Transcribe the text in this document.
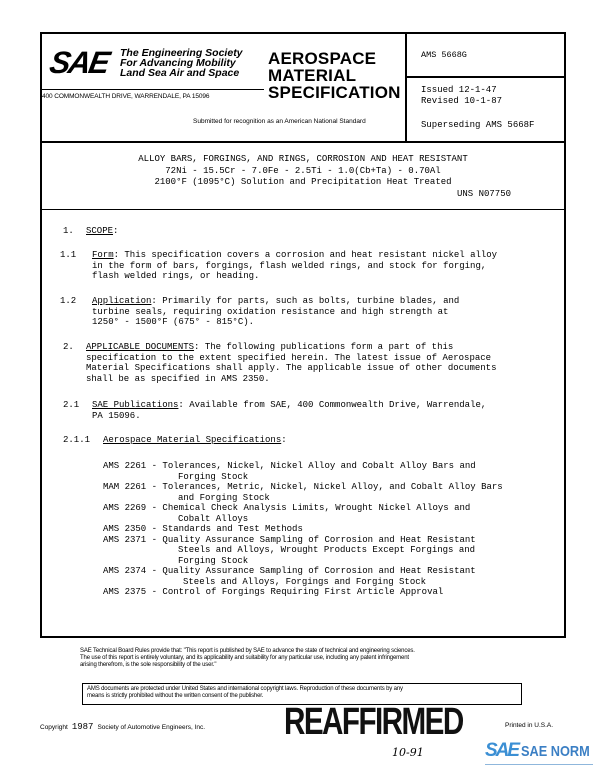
SAE The Engineering Society
For Advancing Mobility
Land Sea Air and Space
400 COMMONWEALTH DRIVE, WARRENDALE, PA 15096
AEROSPACE
MATERIAL
SPECIFICATION
Submitted for recognition as an American National Standard
AMS 5668G
Issued 12-1-47
Revised 10-1-87
Superseding AMS 5668F
ALLOY BARS, FORGINGS, AND RINGS, CORROSION AND HEAT RESISTANT
72Ni - 15.5Cr - 7.0Fe - 2.5Ti - 1.0(Cb+Ta) - 0.70Al
2100°F (1095°C) Solution and Precipitation Heat Treated
UNS N07750
1. SCOPE:
1.1 Form: This specification covers a corrosion and heat resistant nickel alloy
in the form of bars, forgings, flash welded rings, and stock for forging,
flash welded rings, or heading.
1.2 Application: Primarily for parts, such as bolts, turbine blades, and
turbine seals, requiring oxidation resistance and high strength at
1250° - 1500°F (675° - 815°C).
2. APPLICABLE DOCUMENTS: The following publications form a part of this
specification to the extent specified herein. The latest issue of Aerospace
Material Specifications shall apply. The applicable issue of other documents
shall be as specified in AMS 2350.
2.1 SAE Publications: Available from SAE, 400 Commonwealth Drive, Warrendale,
PA 15096.
2.1.1 Aerospace Material Specifications:
AMS 2261 - Tolerances, Nickel, Nickel Alloy and Cobalt Alloy Bars and
Forging Stock
MAM 2261 - Tolerances, Metric, Nickel, Nickel Alloy, and Cobalt Alloy Bars
and Forging Stock
AMS 2269 - Chemical Check Analysis Limits, Wrought Nickel Alloys and
Cobalt Alloys
AMS 2350 - Standards and Test Methods
AMS 2371 - Quality Assurance Sampling of Corrosion and Heat Resistant
Steels and Alloys, Wrought Products Except Forgings and
Forging Stock
AMS 2374 - Quality Assurance Sampling of Corrosion and Heat Resistant
Steels and Alloys, Forgings and Forging Stock
AMS 2375 - Control of Forgings Requiring First Article Approval
SAE Technical Board Rules provide that: "This report is published by SAE to advance the state of technical and engineering sciences.
The use of this report is entirely voluntary, and its applicability and suitability for any particular use, including any patent infringement
arising therefrom, is the sole responsibility of the user."
AMS documents are protected under United States and international copyright laws. Reproduction of these documents by any
means is strictly prohibited without the written consent of the publisher.
Copyright 1987 Society of Automotive Engineers, Inc. REAFFIRMED
10-91
Printed in U.S.A.
SAE SAE NORM
